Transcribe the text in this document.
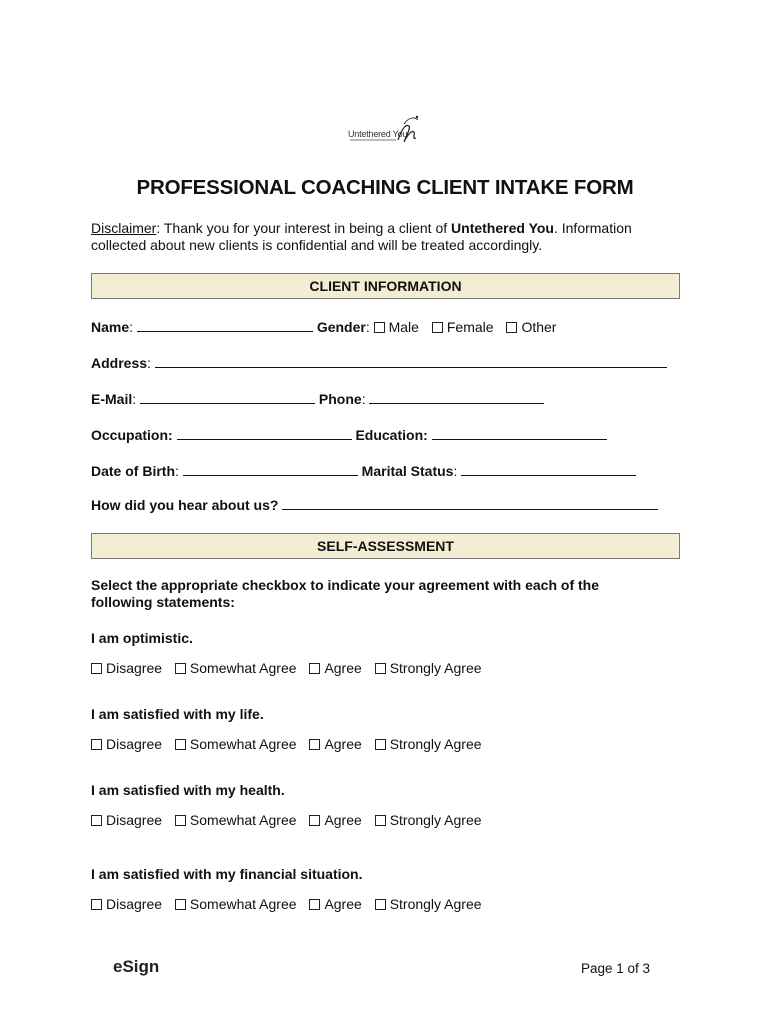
Untethered You
PROFESSIONAL COACHING CLIENT INTAKE FORM
Disclaimer: Thank you for your interest in being a client of Untethered You. Information
collected about new clients is confidential and will be treated accordingly.
CLIENT INFORMATION
Name:	Gender: Male Female Other
Address:
E-Mail:	Phone:
Occupation:	Education:
Date of Birth:	Marital Status:
How did you hear about us?
SELF-ASSESSMENT
Select the appropriate checkbox to indicate your agreement with each of the
following statements:
I am optimistic.
Disagree Somewhat Agree Agree Strongly Agree
I am satisfied with my life.
Disagree Somewhat Agree Agree Strongly Agree
I am satisfied with my health.
Disagree Somewhat Agree Agree Strongly Agree
I am satisfied with my financial situation.
Disagree Somewhat Agree Agree Strongly Agree
eSign	Page 1 of 3
